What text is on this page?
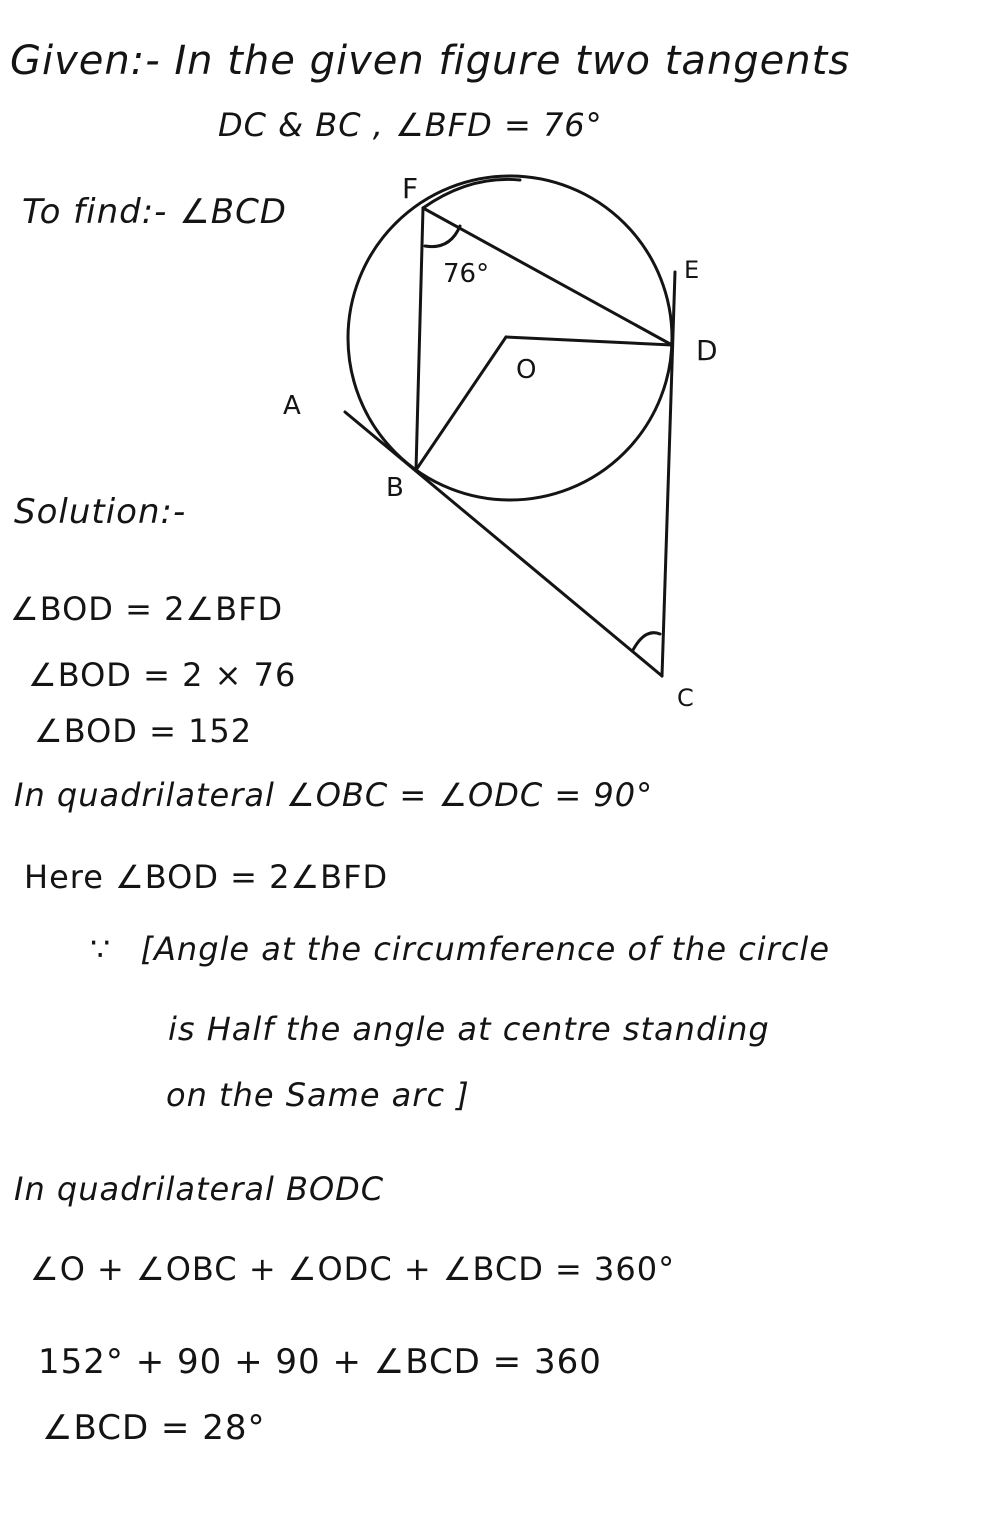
Given:- In the given figure two tangents
DC & BC , ∠BFD = 76°
To find:- ∠BCD
F
E
D
O
A
B
C
76°
Solution:-
∠BOD = 2∠BFD
∠BOD = 2 × 76
∠BOD = 152
In quadrilateral ∠OBC = ∠ODC = 90°
Here ∠BOD = 2∠BFD
∵ [Angle at the circumference of the circle
is Half the angle at centre standing
on the Same arc ]
In quadrilateral BODC
∠O + ∠OBC + ∠ODC + ∠BCD = 360°
152° + 90 + 90 + ∠BCD = 360
∠BCD = 28°
